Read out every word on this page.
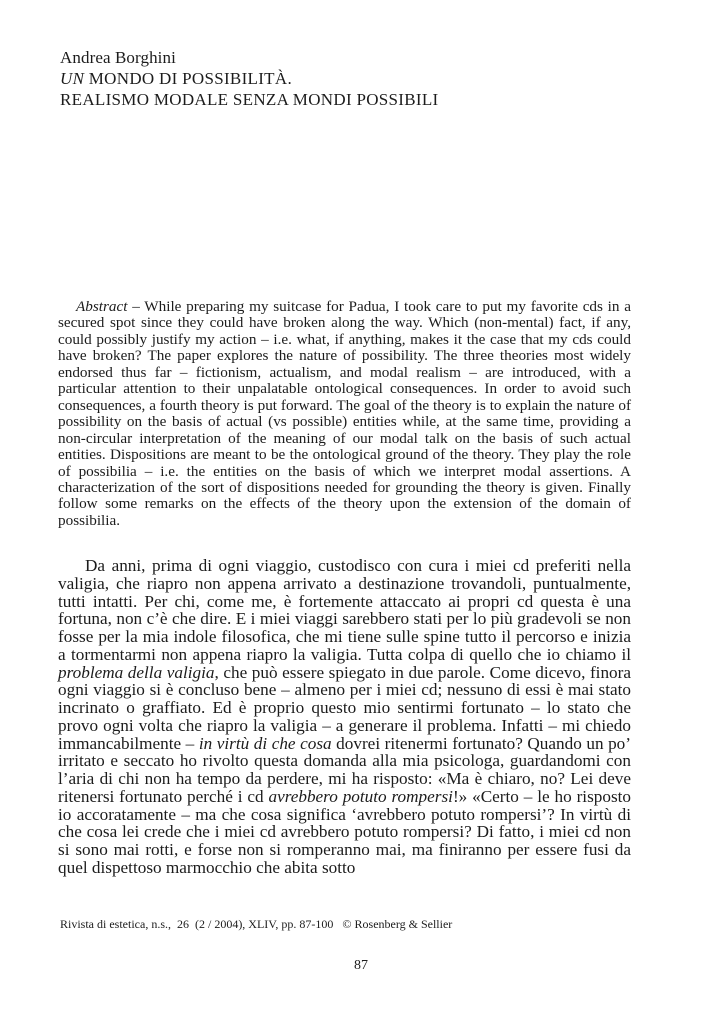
Andrea Borghini
UN MONDO DI POSSIBILITÀ.
REALISMO MODALE SENZA MONDI POSSIBILI

Abstract – While preparing my suitcase for Padua, I took care to put my favorite cds in a secured spot since they could have broken along the way. Which (non-mental) fact, if any, could possibly justify my action – i.e. what, if anything, makes it the case that my cds could have broken? The paper explores the nature of possibility. The three theories most widely endorsed thus far – fictionism, actualism, and modal realism – are introduced, with a particular attention to their unpalatable ontological consequences. In order to avoid such consequences, a fourth theory is put forward. The goal of the theory is to explain the nature of possibility on the basis of actual (vs possible) entities while, at the same time, providing a non-circular interpretation of the meaning of our modal talk on the basis of such actual entities. Dispositions are meant to be the ontological ground of the theory. They play the role of possibilia – i.e. the entities on the basis of which we interpret modal assertions. A characterization of the sort of dispositions needed for grounding the theory is given. Finally follow some remarks on the effects of the theory upon the extension of the domain of possibilia.

Da anni, prima di ogni viaggio, custodisco con cura i miei cd preferiti nella valigia, che riapro non appena arrivato a destinazione trovandoli, puntualmente, tutti intatti. Per chi, come me, è fortemente attaccato ai propri cd questa è una fortuna, non c’è che dire. E i miei viaggi sarebbero stati per lo più gradevoli se non fosse per la mia indole filosofica, che mi tiene sulle spine tutto il percorso e inizia a tormentarmi non appena riapro la valigia. Tutta colpa di quello che io chiamo il problema della valigia, che può essere spiegato in due parole. Come dicevo, finora ogni viaggio si è concluso bene – almeno per i miei cd; nessuno di essi è mai stato incrinato o graffiato. Ed è proprio questo mio sentirmi fortunato – lo stato che provo ogni volta che riapro la valigia – a generare il problema. Infatti – mi chiedo immancabilmente – in virtù di che cosa dovrei ritenermi fortunato? Quando un po’ irritato e seccato ho rivolto questa domanda alla mia psicologa, guardandomi con l’aria di chi non ha tempo da perdere, mi ha risposto: «Ma è chiaro, no? Lei deve ritenersi fortunato perché i cd avrebbero potuto rompersi!» «Certo – le ho risposto io accoratamente – ma che cosa significa ‘avrebbero potuto rompersi’? In virtù di che cosa lei crede che i miei cd avrebbero potuto rompersi? Di fatto, i miei cd non si sono mai rotti, e forse non si romperanno mai, ma finiranno per essere fusi da quel dispettoso marmocchio che abita sotto

Rivista di estetica, n.s.,  26  (2 / 2004), XLIV, pp. 87-100   © Rosenberg & Sellier
87
